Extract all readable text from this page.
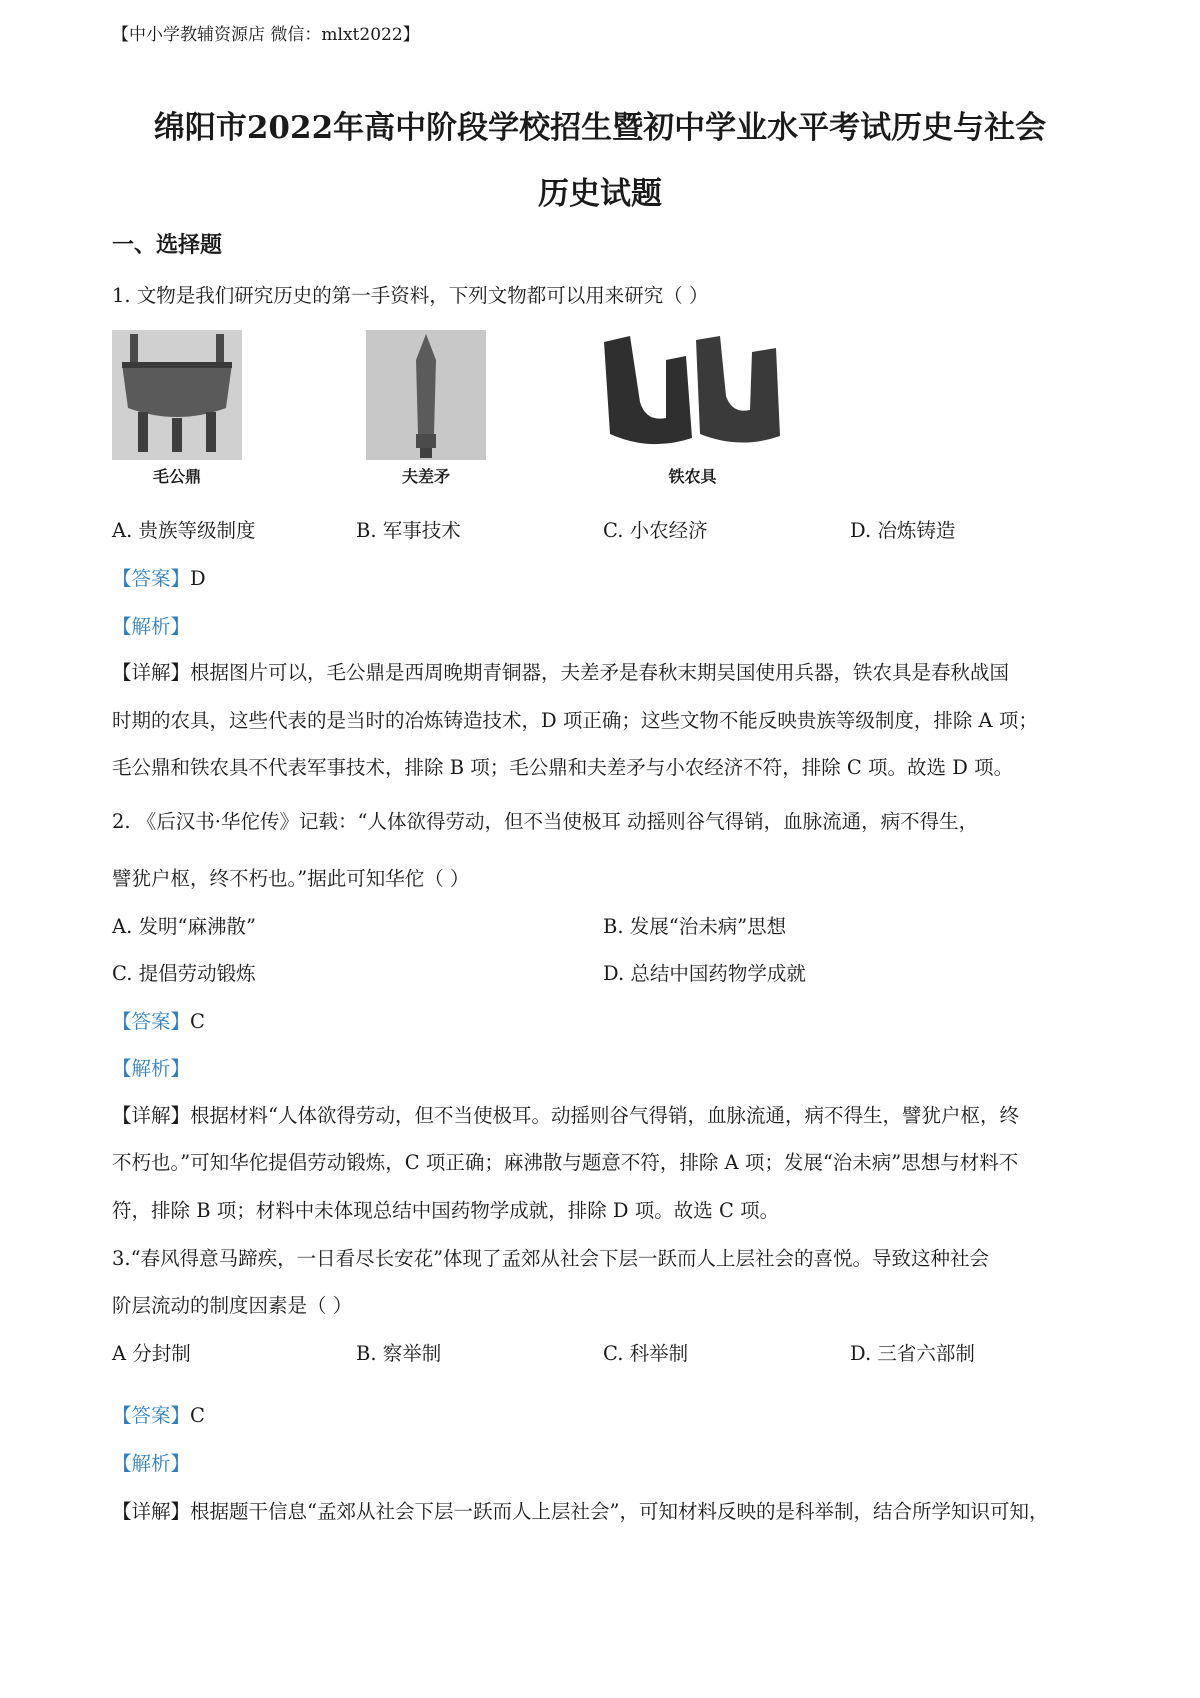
【中小学教辅资源店 微信：mlxt2022】
绵阳市2022年高中阶段学校招生暨初中学业水平考试历史与社会
历史试题
一、选择题
1. 文物是我们研究历史的第一手资料，下列文物都可以用来研究（ ）
毛公鼎	夫差矛	铁农具
A. 贵族等级制度	B. 军事技术	C. 小农经济	D. 冶炼铸造
【答案】D
【解析】
【详解】根据图片可以，毛公鼎是西周晚期青铜器，夫差矛是春秋末期吴国使用兵器，铁农具是春秋战国
时期的农具，这些代表的是当时的冶炼铸造技术，D 项正确；这些文物不能反映贵族等级制度，排除 A 项；
毛公鼎和铁农具不代表军事技术，排除 B 项；毛公鼎和夫差矛与小农经济不符，排除 C 项。故选 D 项。
2. 《后汉书·华佗传》记载：“人体欲得劳动，但不当使极耳 动摇则谷气得销，血脉流通，病不得生，
譬犹户枢，终不朽也。”据此可知华佗（ ）
A. 发明“麻沸散”	B. 发展“治未病”思想
C. 提倡劳动锻炼	D. 总结中国药物学成就
【答案】C
【解析】
【详解】根据材料“人体欲得劳动，但不当使极耳。动摇则谷气得销，血脉流通，病不得生，譬犹户枢，终
不朽也。”可知华佗提倡劳动锻炼，C 项正确；麻沸散与题意不符，排除 A 项；发展“治未病”思想与材料不
符，排除 B 项；材料中未体现总结中国药物学成就，排除 D 项。故选 C 项。
3.“春风得意马蹄疾，一日看尽长安花”体现了孟郊从社会下层一跃而人上层社会的喜悦。导致这种社会
阶层流动的制度因素是（ ）
A 分封制	B. 察举制	C. 科举制	D. 三省六部制
【答案】C
【解析】
【详解】根据题干信息“孟郊从社会下层一跃而人上层社会”，可知材料反映的是科举制，结合所学知识可知，
